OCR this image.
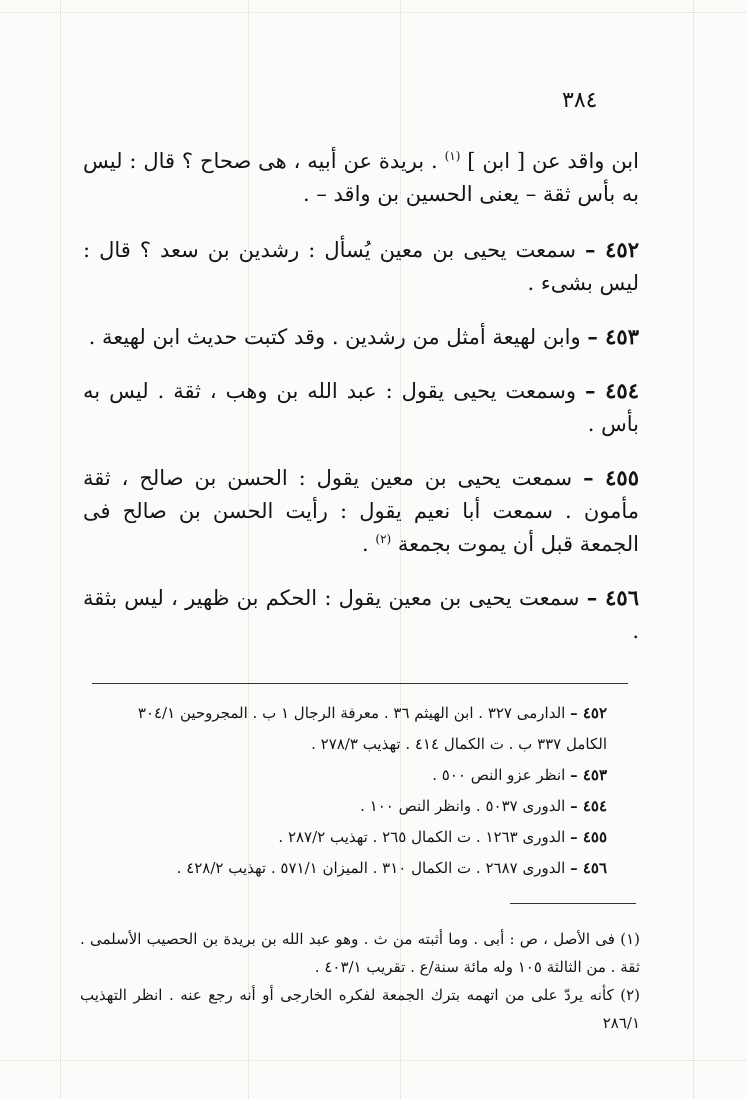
٣٨٤

ابن واقد عن [ ابن ] $^{(١)}$ . بريدة عن أبيه ، هى صحاح ؟ قال : ليس به بأس ثقة – يعنى الحسين بن واقد – .

٤٥٢ – سمعت يحيى بن معين يُسأل : رشدين بن سعد ؟ قال : ليس بشىء .

٤٥٣ – وابن لهيعة أمثل من رشدين . وقد كتبت حديث ابن لهيعة .

٤٥٤ – وسمعت يحيى يقول : عبد الله بن وهب ، ثقة . ليس به بأس .

٤٥٥ – سمعت يحيى بن معين يقول : الحسن بن صالح ، ثقة مأمون . سمعت أبا نعيم يقول : رأيت الحسن بن صالح فى الجمعة قبل أن يموت بجمعة $^{(٢)}$ .

٤٥٦ – سمعت يحيى بن معين يقول : الحكم بن ظهير ، ليس بثقة .

٤٥٢ – الدارمى ٣٢٧ . ابن الهيثم ٣٦ . معرفة الرجال ١ ب . المجروحين ٣٠٤/١

الكامل ٣٣٧ ب . ت الكمال ٤١٤ . تهذيب ٢٧٨/٣ .

٤٥٣ – انظر عزو النص ٥٠٠ .

٤٥٤ – الدورى ٥٠٣٧ . وانظر النص ١٠٠ .

٤٥٥ – الدورى ١٢٦٣ . ت الكمال ٢٦٥ . تهذيب ٢٨٧/٢ .

٤٥٦ – الدورى ٢٦٨٧ . ت الكمال ٣١٠ . الميزان ٥٧١/١ . تهذيب ٤٢٨/٢ .

(١) فى الأصل ، ص : أبى . وما أثبته من ث . وهو عبد الله بن بريدة بن الحصيب الأسلمى . ثقة . من الثالثة ١٠٥ وله مائة سنة/ع . تقريب ٤٠٣/١ .

(٢) كأنه يردّ على من اتهمه بترك الجمعة لفكره الخارجى أو أنه رجع عنه . انظر التهذيب ٢٨٦/١
